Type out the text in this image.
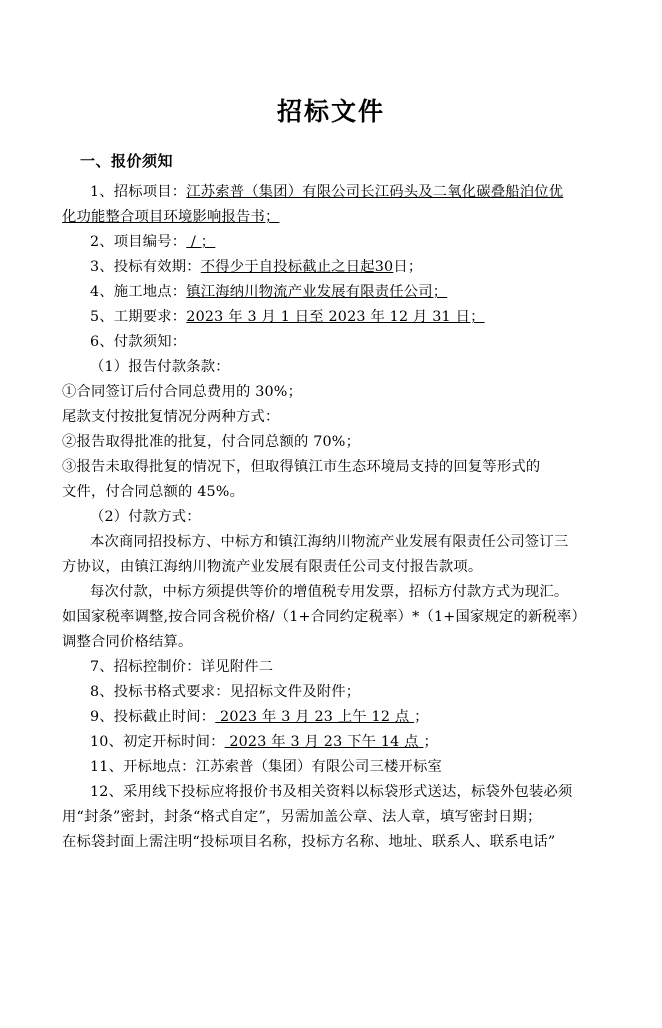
招标文件
一、报价须知

1、招标项目：江苏索普（集团）有限公司长江码头及二氧化碳叠船泊位优

化功能整合项目环境影响报告书；

2、项目编号： / ；

3、投标有效期：不得少于自投标截止之日起30日；

4、施工地点：镇江海纳川物流产业发展有限责任公司；

5、工期要求：2023 年 3 月 1 日至 2023 年 12 月 31 日；

6、付款须知：

（1）报告付款条款：

①合同签订后付合同总费用的 30%；

尾款支付按批复情况分两种方式：

②报告取得批准的批复，付合同总额的 70%；

③报告未取得批复的情况下，但取得镇江市生态环境局支持的回复等形式的

文件，付合同总额的 45%。

（2）付款方式：

本次商同招投标方、中标方和镇江海纳川物流产业发展有限责任公司签订三

方协议，由镇江海纳川物流产业发展有限责任公司支付报告款项。

每次付款，中标方须提供等价的增值税专用发票，招标方付款方式为现汇。

如国家税率调整,按合同含税价格/（1+合同约定税率）*（1+国家规定的新税率）

调整合同价格结算。

7、招标控制价：详见附件二

8、投标书格式要求：见招标文件及附件；

9、投标截止时间： 2023 年 3 月 23 上午 12 点 ；

10、初定开标时间： 2023 年 3 月 23 下午 14 点 ；

11、开标地点：江苏索普（集团）有限公司三楼开标室

12、采用线下投标应将报价书及相关资料以标袋形式送达，标袋外包装必须

用“封条”密封，封条“格式自定”，另需加盖公章、法人章，填写密封日期；

在标袋封面上需注明“投标项目名称，投标方名称、地址、联系人、联系电话”
